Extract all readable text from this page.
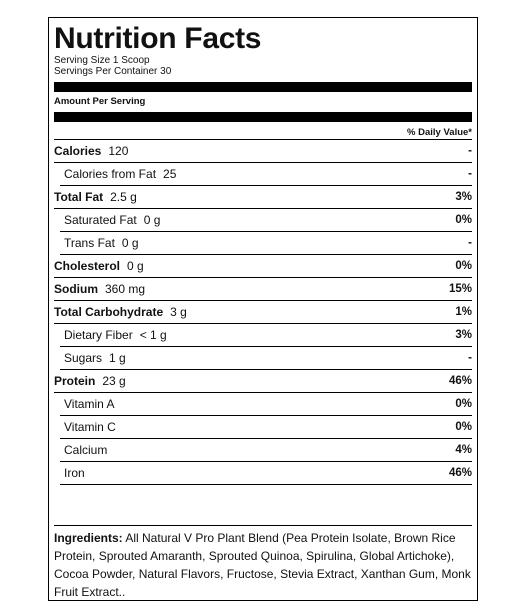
Nutrition Facts
Serving Size 1 Scoop
Servings Per Container 30
Amount Per Serving
% Daily Value*
Calories 120	-
Calories from Fat 25	-
Total Fat 2.5 g	3%
Saturated Fat 0 g	0%
Trans Fat 0 g	-
Cholesterol 0 g	0%
Sodium 360 mg	15%
Total Carbohydrate 3 g	1%
Dietary Fiber < 1 g	3%
Sugars 1 g	-
Protein 23 g	46%
Vitamin A	0%
Vitamin C	0%
Calcium	4%
Iron	46%
Ingredients: All Natural V Pro Plant Blend (Pea Protein Isolate, Brown Rice Protein, Sprouted Amaranth, Sprouted Quinoa, Spirulina, Global Artichoke), Cocoa Powder, Natural Flavors, Fructose, Stevia Extract, Xanthan Gum, Monk Fruit Extract..
